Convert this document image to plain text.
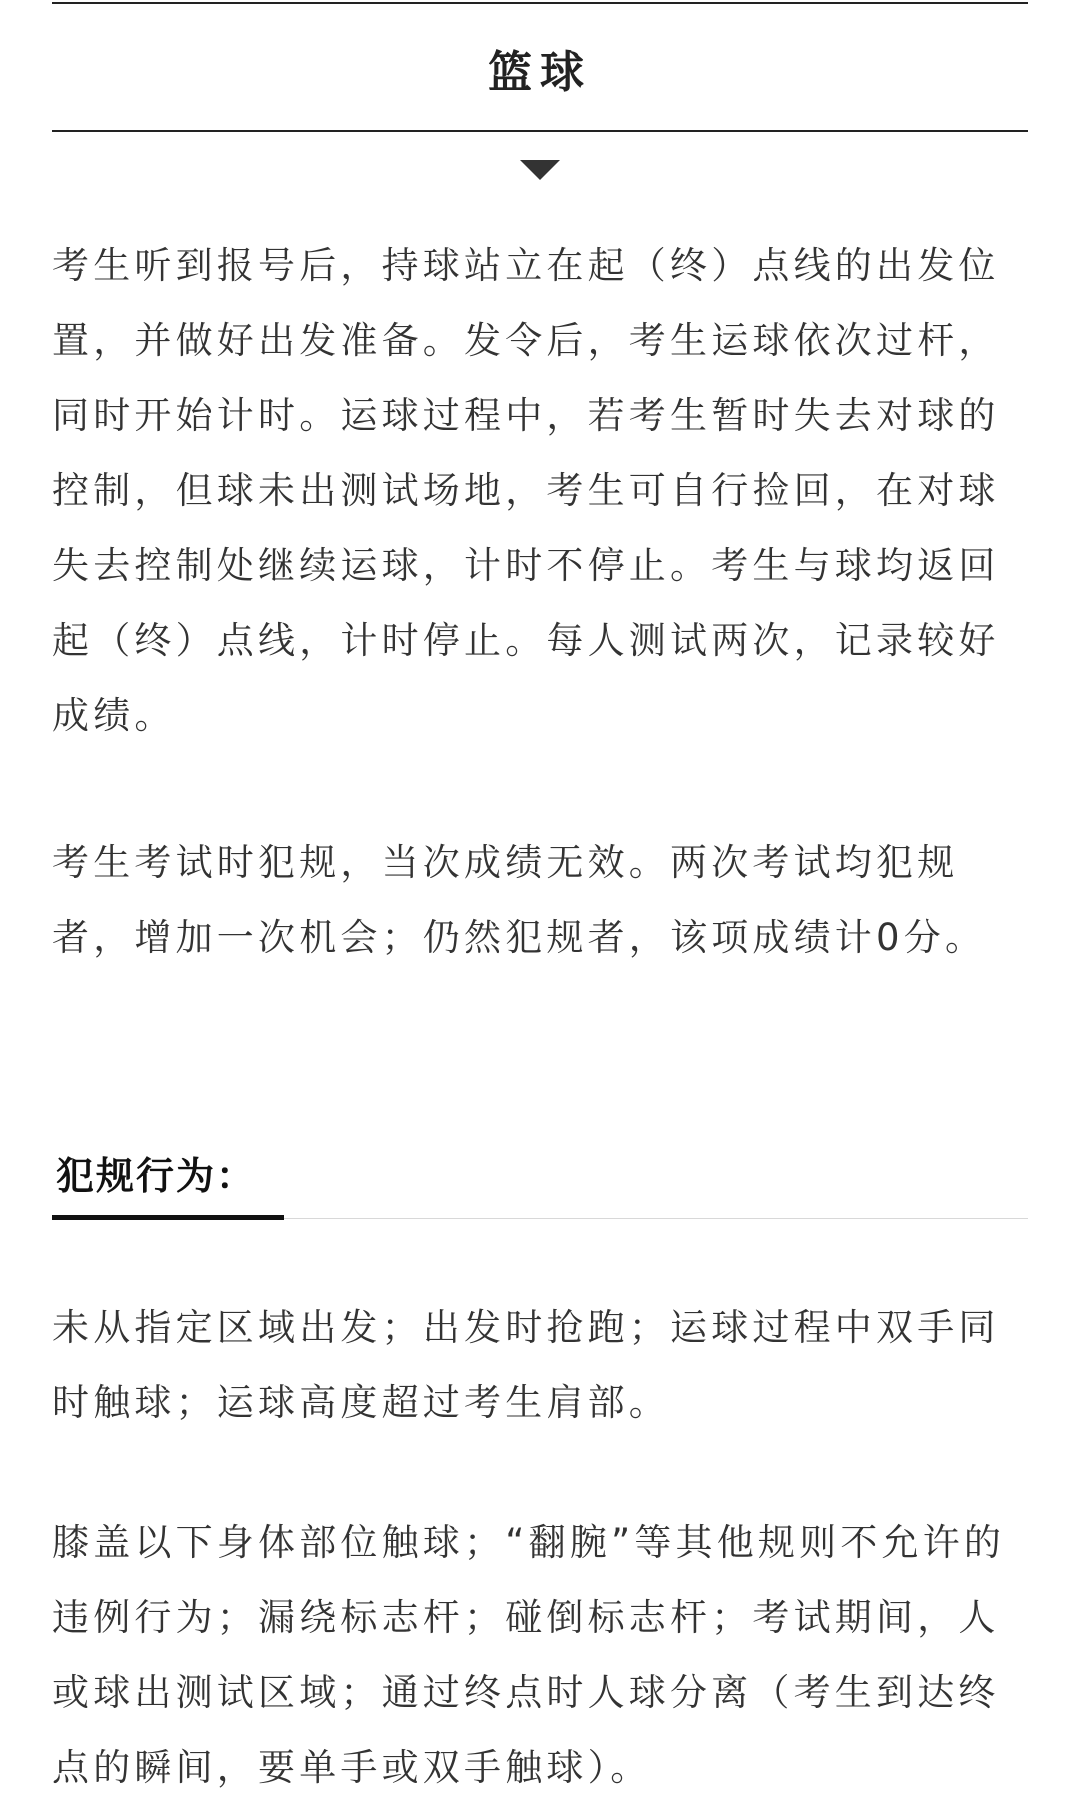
篮球

考生听到报号后，持球站立在起（终）点线的出发位置，并做好出发准备。发令后，考生运球依次过杆，同时开始计时。运球过程中，若考生暂时失去对球的控制，但球未出测试场地，考生可自行捡回，在对球失去控制处继续运球，计时不停止。考生与球均返回起（终）点线，计时停止。每人测试两次，记录较好成绩。

考生考试时犯规，当次成绩无效。两次考试均犯规者，增加一次机会；仍然犯规者，该项成绩计0分。

犯规行为：

未从指定区域出发；出发时抢跑；运球过程中双手同时触球；运球高度超过考生肩部。

膝盖以下身体部位触球；“翻腕”等其他规则不允许的违例行为；漏绕标志杆；碰倒标志杆；考试期间，人或球出测试区域；通过终点时人球分离（考生到达终点的瞬间，要单手或双手触球）。
